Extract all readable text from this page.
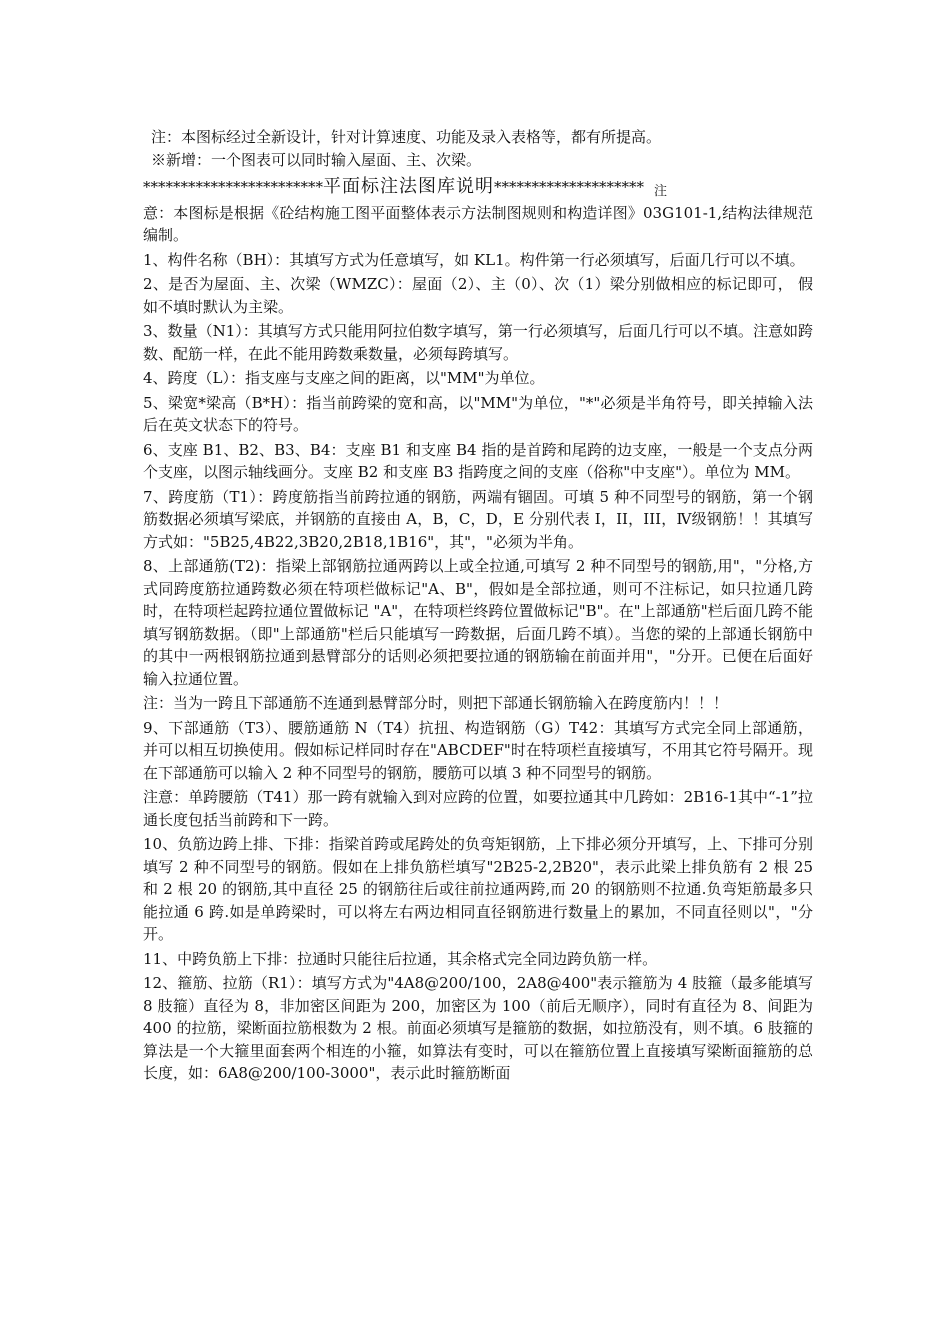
注：本图标经过全新设计，针对计算速度、功能及录入表格等，都有所提高。

※新增：一个图表可以同时输入屋面、主、次梁。

************************平面标注法图库说明******************** 注

意：本图标是根据《砼结构施工图平面整体表示方法制图规则和构造详图》03G101-1,结构法律规范编制。

1、构件名称（BH）：其填写方式为任意填写，如 KL1。构件第一行必须填写，后面几行可以不填。

2、是否为屋面、主、次梁（WMZC）：屋面（2）、主（0）、次（1）梁分别做相应的标记即可， 假如不填时默认为主梁。

3、数量（N1）：其填写方式只能用阿拉伯数字填写，第一行必须填写，后面几行可以不填。注意如跨数、配筋一样，在此不能用跨数乘数量，必须每跨填写。

4、跨度（L）：指支座与支座之间的距离，以"MM"为单位。

5、梁宽*梁高（B*H）：指当前跨梁的宽和高，以"MM"为单位，"*"必须是半角符号，即关掉输入法后在英文状态下的符号。

6、支座 B1、B2、B3、B4：支座 B1 和支座 B4 指的是首跨和尾跨的边支座，一般是一个支点分两个支座，以图示轴线画分。支座 B2 和支座 B3 指跨度之间的支座（俗称"中支座"）。单位为 MM。

7、跨度筋（T1）：跨度筋指当前跨拉通的钢筋，两端有锢固。可填 5 种不同型号的钢筋，第一个钢筋数据必须填写梁底，并钢筋的直接由 A，B，C，D，E 分别代表 I，II，III，Ⅳ级钢筋！！其填写方式如："5B25,4B22,3B20,2B18,1B16"，其"，"必须为半角。

8、上部通筋(T2)：指梁上部钢筋拉通两跨以上或全拉通,可填写 2 种不同型号的钢筋,用"，"分格,方式同跨度筋拉通跨数必须在特项栏做标记"A、B"，假如是全部拉通，则可不注标记，如只拉通几跨时，在特项栏起跨拉通位置做标记 "A"，在特项栏终跨位置做标记"B"。在"上部通筋"栏后面几跨不能填写钢筋数据。（即"上部通筋"栏后只能填写一跨数据，后面几跨不填）。当您的梁的上部通长钢筋中的其中一两根钢筋拉通到悬臂部分的话则必须把要拉通的钢筋输在前面并用"，"分开。已便在后面好输入拉通位置。

注：当为一跨且下部通筋不连通到悬臂部分时，则把下部通长钢筋输入在跨度筋内！！！

9、下部通筋（T3）、腰筋通筋 N（T4）抗扭、构造钢筋（G）T42：其填写方式完全同上部通筋，并可以相互切换使用。假如标记样同时存在"ABCDEF"时在特项栏直接填写，不用其它符号隔开。现在下部通筋可以输入 2 种不同型号的钢筋，腰筋可以填 3 种不同型号的钢筋。

注意：单跨腰筋（T41）那一跨有就输入到对应跨的位置，如要拉通其中几跨如：2B16-1其中“-1”拉通长度包括当前跨和下一跨。

10、负筋边跨上排、下排：指梁首跨或尾跨处的负弯矩钢筋，上下排必须分开填写，上、下排可分别填写 2 种不同型号的钢筋。假如在上排负筋栏填写"2B25-2,2B20"，表示此梁上排负筋有 2 根 25 和 2 根 20 的钢筋,其中直径 25 的钢筋往后或往前拉通两跨,而 20 的钢筋则不拉通.负弯矩筋最多只能拉通 6 跨.如是单跨梁时，可以将左右两边相同直径钢筋进行数量上的累加，不同直径则以"，"分开。

11、中跨负筋上下排：拉通时只能往后拉通，其余格式完全同边跨负筋一样。

12、箍筋、拉筋（R1）：填写方式为"4A8@200/100，2A8@400"表示箍筋为 4 肢箍（最多能填写 8 肢箍）直径为 8，非加密区间距为 200，加密区为 100（前后无顺序），同时有直径为 8、间距为 400 的拉筋，梁断面拉筋根数为 2 根。前面必须填写是箍筋的数据，如拉筋没有，则不填。6 肢箍的算法是一个大箍里面套两个相连的小箍，如算法有变时，可以在箍筋位置上直接填写梁断面箍筋的总长度，如：6A8@200/100-3000"，表示此时箍筋断面
